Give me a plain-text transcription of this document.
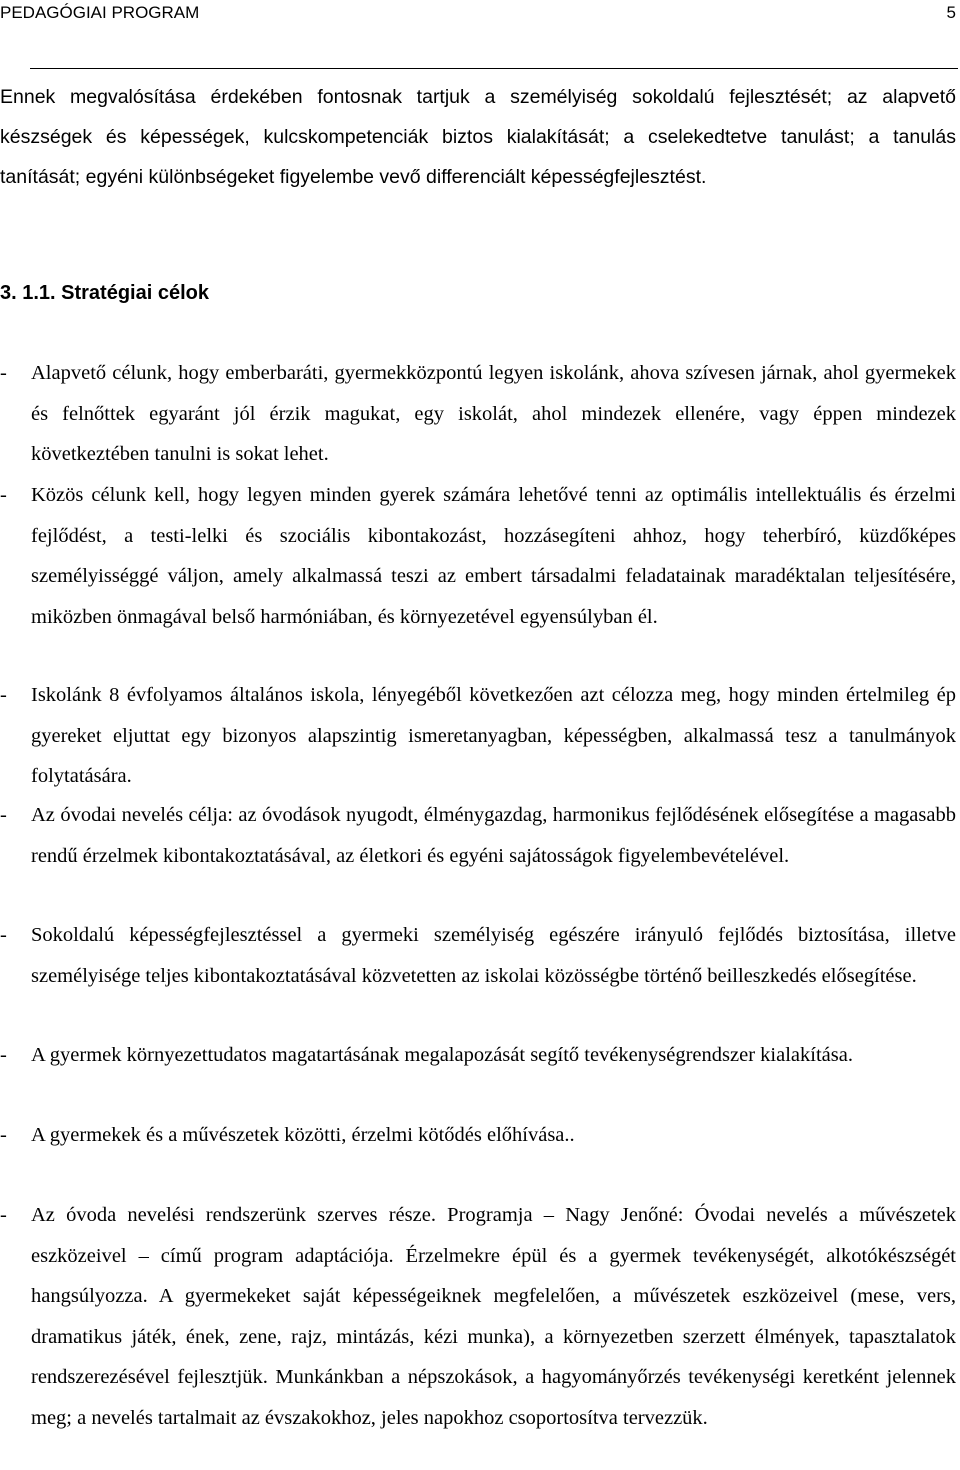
PEDAGÓGIAI PROGRAM	5

Ennek megvalósítása érdekében fontosnak tartjuk a személyiség sokoldalú fejlesztését; az alapvető készségek és képességek, kulcskompetenciák biztos kialakítását; a cselekedtetve tanulást; a tanulás tanítását; egyéni különbségeket figyelembe vevő differenciált képességfejlesztést.

3. 1.1. Stratégiai célok
- Alapvető célunk, hogy emberbaráti, gyermekközpontú legyen iskolánk, ahova szívesen járnak, ahol gyermekek és felnőttek egyaránt jól érzik magukat, egy iskolát, ahol mindezek ellenére, vagy éppen mindezek következtében tanulni is sokat lehet.
- Közös célunk kell, hogy legyen minden gyerek számára lehetővé tenni az optimális intellektuális és érzelmi fejlődést, a testi-lelki és szociális kibontakozást, hozzásegíteni ahhoz, hogy teherbíró, küzdőképes személyisséggé váljon, amely alkalmassá teszi az embert társadalmi feladatainak maradéktalan teljesítésére, miközben önmagával belső harmóniában, és környezetével egyensúlyban él.
- Iskolánk 8 évfolyamos általános iskola, lényegéből következően azt célozza meg, hogy minden értelmileg ép gyereket eljuttat egy bizonyos alapszintig ismeretanyagban, képességben, alkalmassá tesz a tanulmányok folytatására.
- Az óvodai nevelés célja: az óvodások nyugodt, élménygazdag, harmonikus fejlődésének elősegítése a magasabb rendű érzelmek kibontakoztatásával, az életkori és egyéni sajátosságok figyelembevételével.
- Sokoldalú képességfejlesztéssel a gyermeki személyiség egészére irányuló fejlődés biztosítása, illetve személyisége teljes kibontakoztatásával közvetetten az iskolai közösségbe történő beilleszkedés elősegítése.
- A gyermek környezettudatos magatartásának megalapozását segítő tevékenységrendszer kialakítása.
- A gyermekek és a művészetek közötti, érzelmi kötődés előhívása..
- Az óvoda nevelési rendszerünk szerves része. Programja – Nagy Jenőné: Óvodai nevelés a művészetek eszközeivel – című program adaptációja. Érzelmekre épül és a gyermek tevékenységét, alkotókészségét hangsúlyozza. A gyermekeket saját képességeiknek megfelelően, a művészetek eszközeivel (mese, vers, dramatikus játék, ének, zene, rajz, mintázás, kézi munka), a környezetben szerzett élmények, tapasztalatok rendszerezésével fejlesztjük. Munkánkban a népszokások, a hagyományőrzés tevékenységi keretként jelennek meg; a nevelés tartalmait az évszakokhoz, jeles napokhoz csoportosítva tervezzük.
